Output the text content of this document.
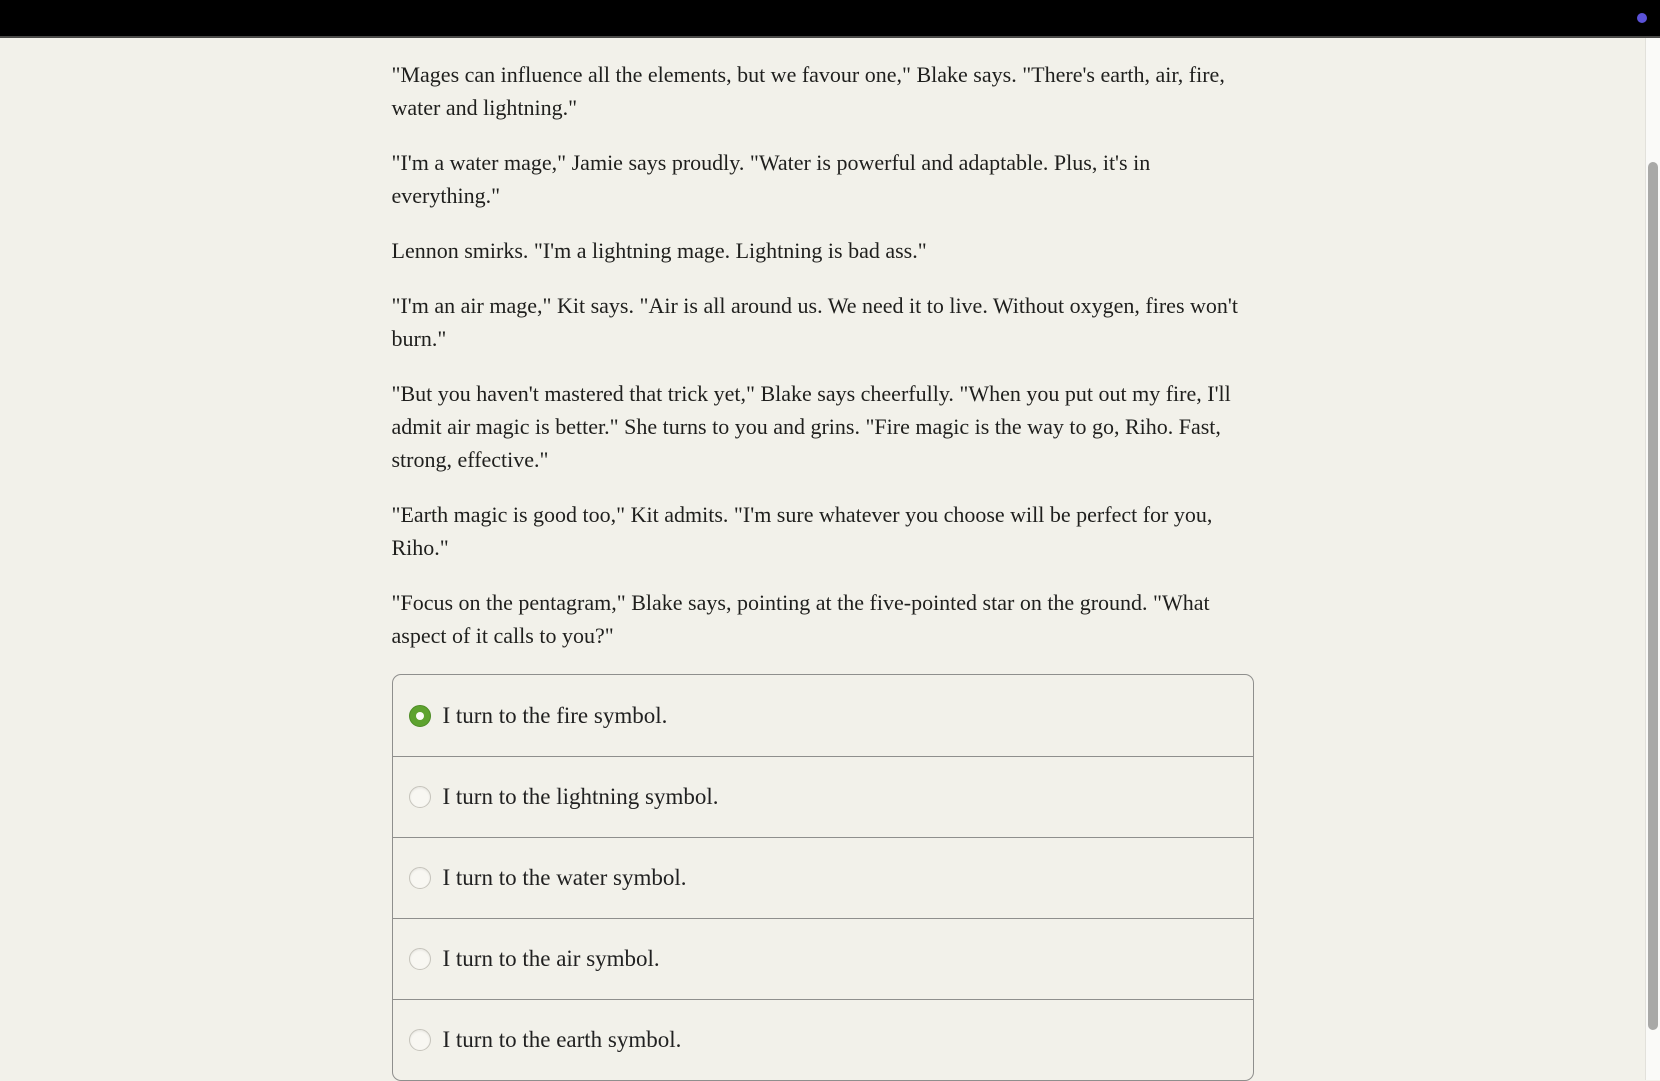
"Mages can influence all the elements, but we favour one," Blake says. "There's earth, air, fire, water and lightning."

"I'm a water mage," Jamie says proudly. "Water is powerful and adaptable. Plus, it's in everything."

Lennon smirks. "I'm a lightning mage. Lightning is bad ass."

"I'm an air mage," Kit says. "Air is all around us. We need it to live. Without oxygen, fires won't burn."

"But you haven't mastered that trick yet," Blake says cheerfully. "When you put out my fire, I'll admit air magic is better." She turns to you and grins. "Fire magic is the way to go, Riho. Fast, strong, effective."

"Earth magic is good too," Kit admits. "I'm sure whatever you choose will be perfect for you, Riho."

"Focus on the pentagram," Blake says, pointing at the five-pointed star on the ground. "What aspect of it calls to you?"

I turn to the fire symbol.
I turn to the lightning symbol.
I turn to the water symbol.
I turn to the air symbol.
I turn to the earth symbol.
